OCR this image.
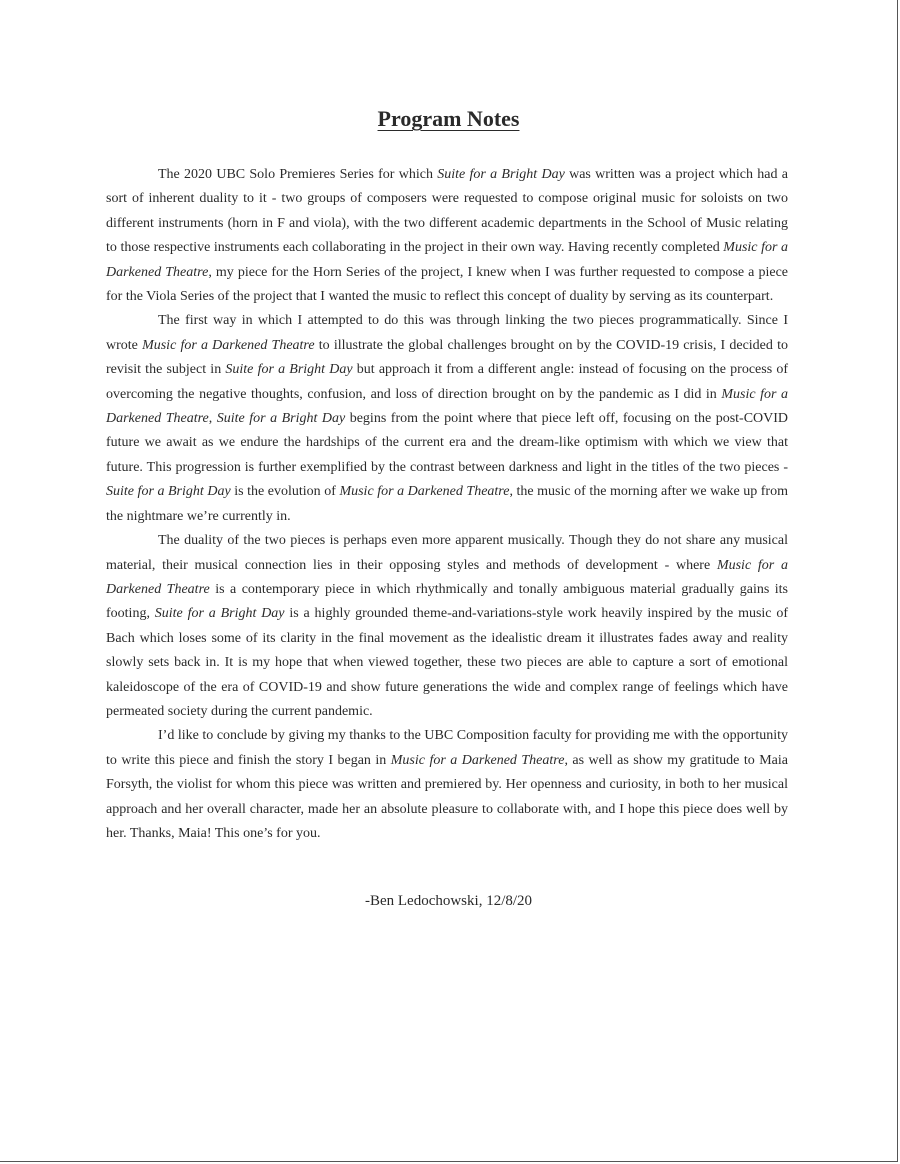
Program Notes

The 2020 UBC Solo Premieres Series for which Suite for a Bright Day was written was a project which had a sort of inherent duality to it - two groups of composers were requested to compose original music for soloists on two different instruments (horn in F and viola), with the two different academic departments in the School of Music relating to those respective instruments each collaborating in the project in their own way. Having recently completed Music for a Darkened Theatre, my piece for the Horn Series of the project, I knew when I was further requested to compose a piece for the Viola Series of the project that I wanted the music to reflect this concept of duality by serving as its counterpart.

The first way in which I attempted to do this was through linking the two pieces programmatically. Since I wrote Music for a Darkened Theatre to illustrate the global challenges brought on by the COVID-19 crisis, I decided to revisit the subject in Suite for a Bright Day but approach it from a different angle: instead of focusing on the process of overcoming the negative thoughts, confusion, and loss of direction brought on by the pandemic as I did in Music for a Darkened Theatre, Suite for a Bright Day begins from the point where that piece left off, focusing on the post-COVID future we await as we endure the hardships of the current era and the dream-like optimism with which we view that future. This progression is further exemplified by the contrast between darkness and light in the titles of the two pieces - Suite for a Bright Day is the evolution of Music for a Darkened Theatre, the music of the morning after we wake up from the nightmare we’re currently in.

The duality of the two pieces is perhaps even more apparent musically. Though they do not share any musical material, their musical connection lies in their opposing styles and methods of development - where Music for a Darkened Theatre is a contemporary piece in which rhythmically and tonally ambiguous material gradually gains its footing, Suite for a Bright Day is a highly grounded theme-and-variations-style work heavily inspired by the music of Bach which loses some of its clarity in the final movement as the idealistic dream it illustrates fades away and reality slowly sets back in. It is my hope that when viewed together, these two pieces are able to capture a sort of emotional kaleidoscope of the era of COVID-19 and show future generations the wide and complex range of feelings which have permeated society during the current pandemic.

I’d like to conclude by giving my thanks to the UBC Composition faculty for providing me with the opportunity to write this piece and finish the story I began in Music for a Darkened Theatre, as well as show my gratitude to Maia Forsyth, the violist for whom this piece was written and premiered by. Her openness and curiosity, in both to her musical approach and her overall character, made her an absolute pleasure to collaborate with, and I hope this piece does well by her. Thanks, Maia! This one’s for you.

-Ben Ledochowski, 12/8/20
